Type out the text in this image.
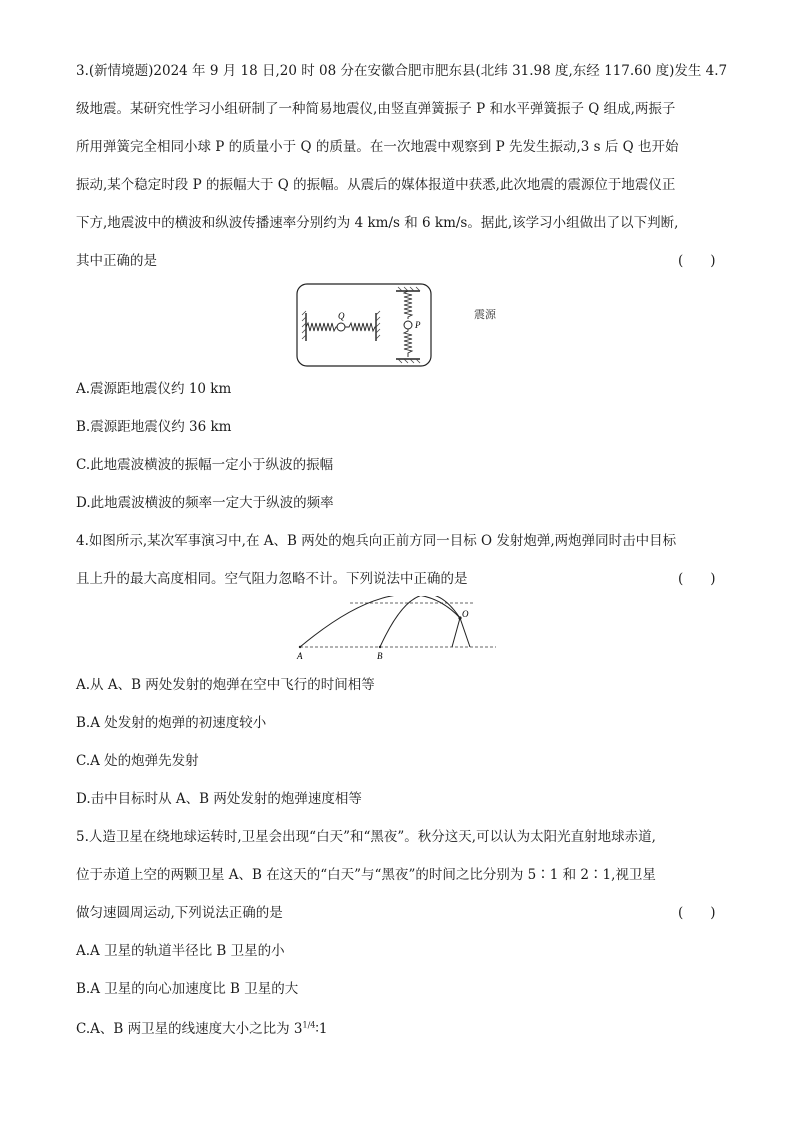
3.(新情境题)2024 年 9 月 18 日,20 时 08 分在安徽合肥市肥东县(北纬 31.98 度,东经 117.60 度)发生 4.7
级地震。某研究性学习小组研制了一种简易地震仪,由竖直弹簧振子 P 和水平弹簧振子 Q 组成,两振子
所用弹簧完全相同小球 P 的质量小于 Q 的质量。在一次地震中观察到 P 先发生振动,3 s 后 Q 也开始
振动,某个稳定时段 P 的振幅大于 Q 的振幅。从震后的媒体报道中获悉,此次地震的震源位于地震仪正
下方,地震波中的横波和纵波传播速率分别约为 4 km/s 和 6 km/s。据此,该学习小组做出了以下判断,
其中正确的是	(　　)
Q
P
震源
A.震源距地震仪约 10 km
B.震源距地震仪约 36 km
C.此地震波横波的振幅一定小于纵波的振幅
D.此地震波横波的频率一定大于纵波的频率
4.如图所示,某次军事演习中,在 A、B 两处的炮兵向正前方同一目标 O 发射炮弹,两炮弹同时击中目标
且上升的最大高度相同。空气阻力忽略不计。下列说法中正确的是	(　　)
A	B
O
A.从 A、B 两处发射的炮弹在空中飞行的时间相等
B.A 处发射的炮弹的初速度较小
C.A 处的炮弹先发射
D.击中目标时从 A、B 两处发射的炮弹速度相等
5.人造卫星在绕地球运转时,卫星会出现“白天”和“黑夜”。秋分这天,可以认为太阳光直射地球赤道,
位于赤道上空的两颗卫星 A、B 在这天的“白天”与“黑夜”的时间之比分别为 5∶1 和 2∶1,视卫星
做匀速圆周运动,下列说法正确的是	(　　)
A.A 卫星的轨道半径比 B 卫星的小
B.A 卫星的向心加速度比 B 卫星的大
C.A、B 两卫星的线速度大小之比为 $3^{1/4}∶1$
